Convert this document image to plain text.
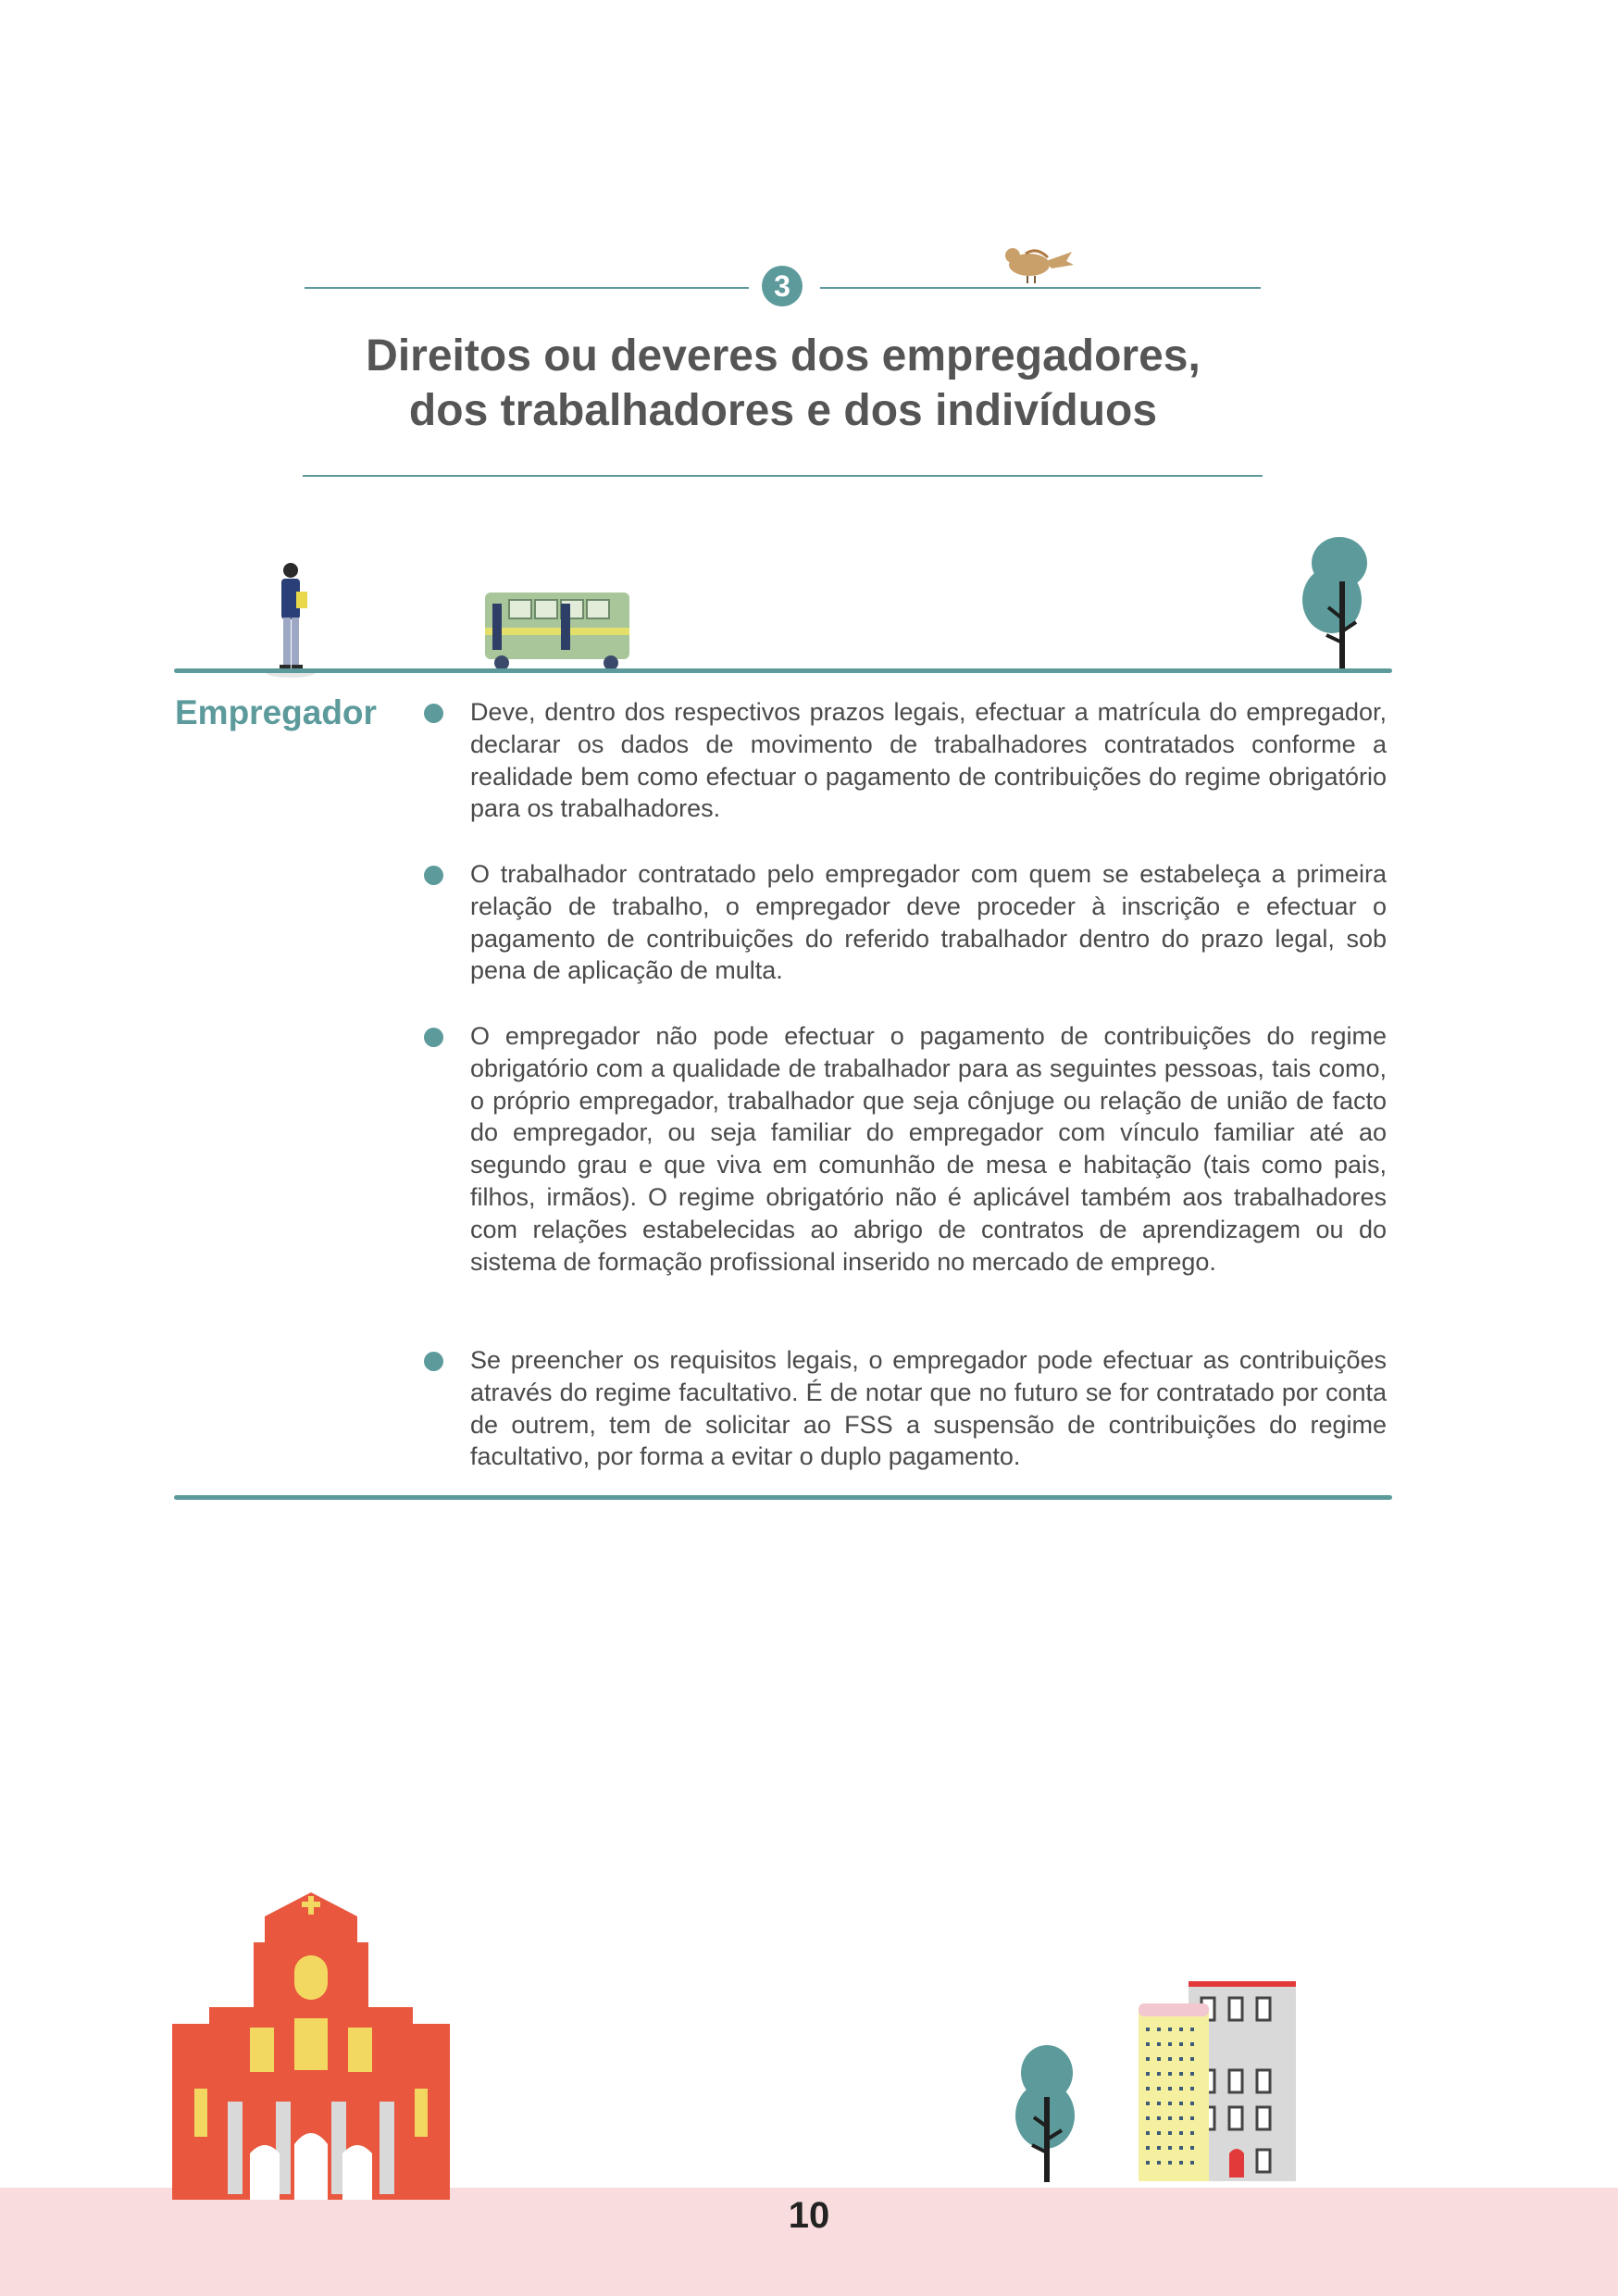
3
Direitos ou deveres dos empregadores,
dos trabalhadores e dos indivíduos
Empregador	Deve, dentro dos respectivos prazos legais, efectuar a matrícula do empregador, declarar os dados de movimento de trabalhadores contratados conforme a realidade bem como efectuar o pagamento de contribuições do regime obrigatório para os trabalhadores.

O trabalhador contratado pelo empregador com quem se estabeleça a primeira relação de trabalho, o empregador deve proceder à inscrição e efectuar o pagamento de contribuições do referido trabalhador dentro do prazo legal, sob pena de aplicação de multa.

O empregador não pode efectuar o pagamento de contribuições do regime obrigatório com a qualidade de trabalhador para as seguintes pessoas, tais como, o próprio empregador, trabalhador que seja cônjuge ou relação de união de facto do empregador, ou seja familiar do empregador com vínculo familiar até ao segundo grau e que viva em comunhão de mesa e habitação (tais como pais, filhos, irmãos). O regime obrigatório não é aplicável também aos trabalhadores com relações estabelecidas ao abrigo de contratos de aprendizagem ou do sistema de formação profissional inserido no mercado de emprego.

Se preencher os requisitos legais, o empregador pode efectuar as contribuições através do regime facultativo. É de notar que no futuro se for contratado por conta de outrem, tem de solicitar ao FSS a suspensão de contribuições do regime facultativo, por forma a evitar o duplo pagamento.

10
